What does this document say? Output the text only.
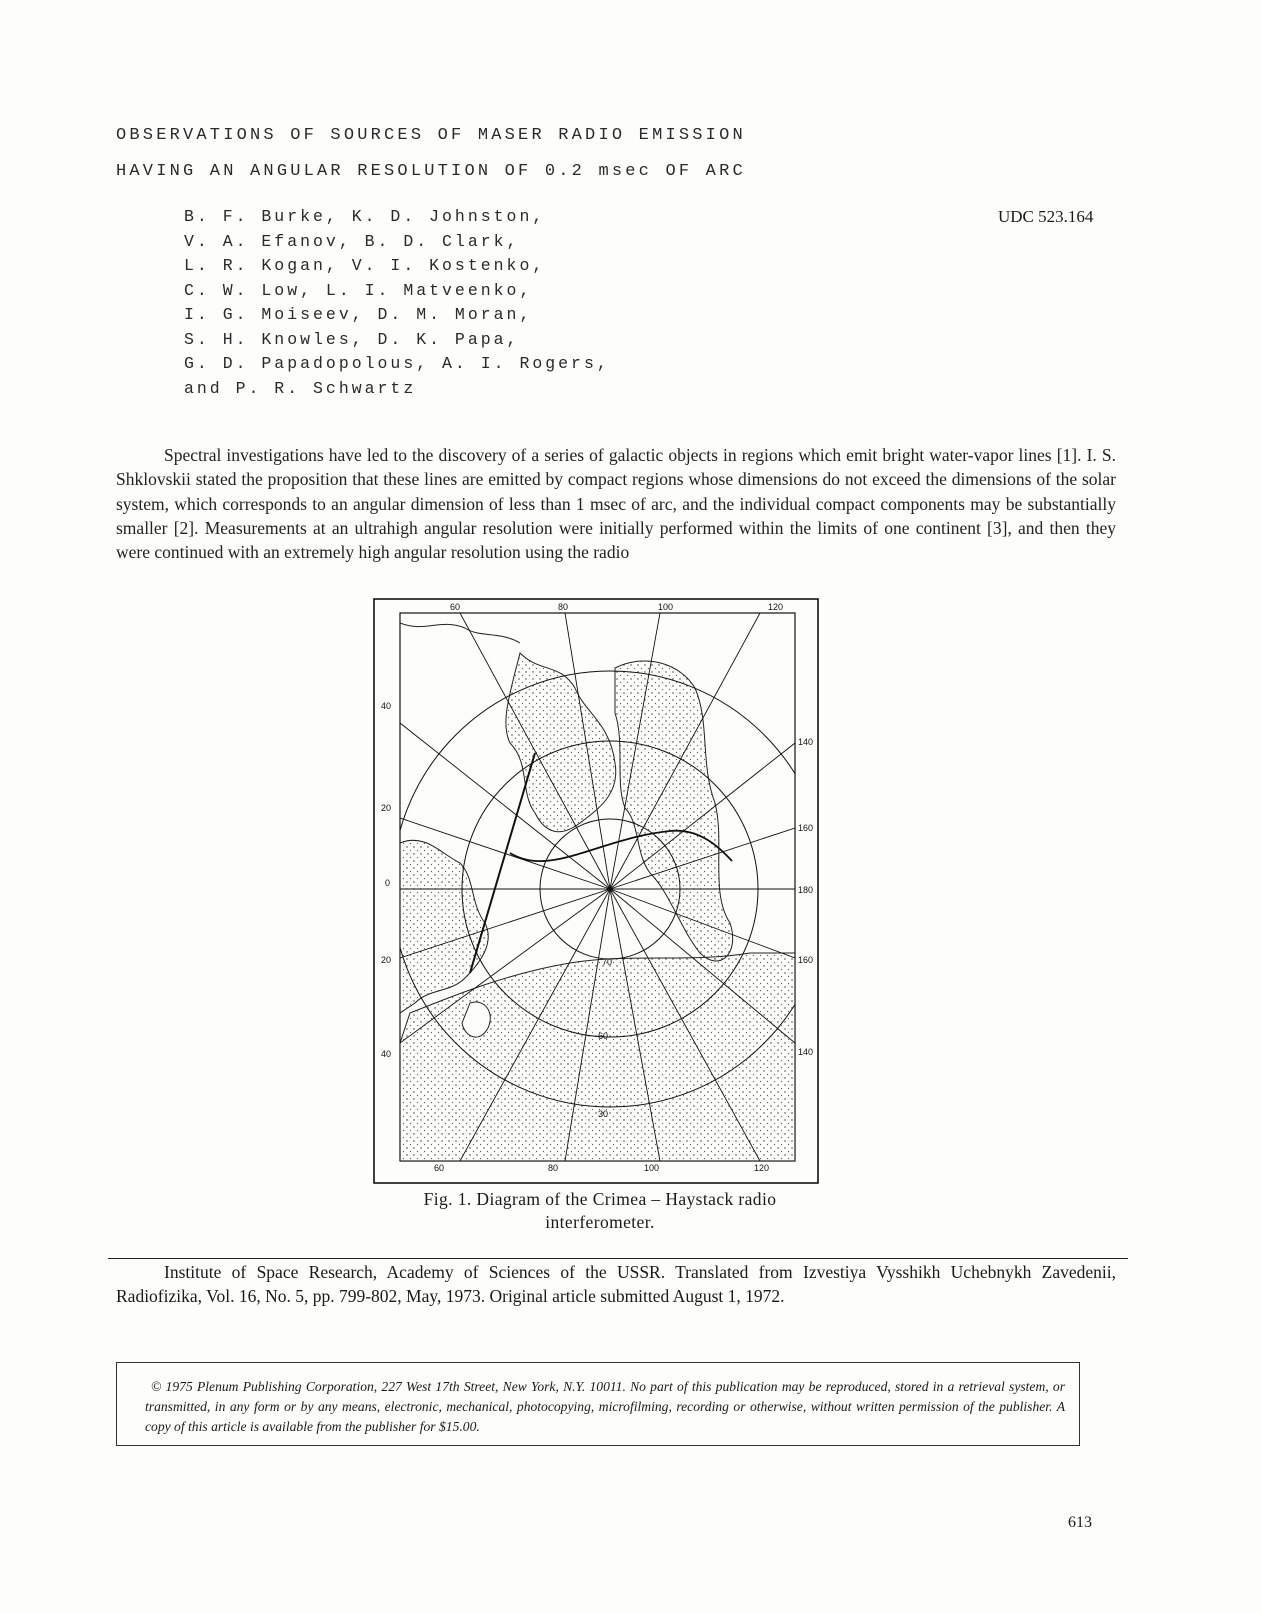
OBSERVATIONS OF SOURCES OF MASER RADIO EMISSION
HAVING AN ANGULAR RESOLUTION OF 0.2 msec OF ARC
B. F. Burke, K. D. Johnston,
V. A. Efanov, B. D. Clark,
L. R. Kogan, V. I. Kostenko,
C. W. Low, L. I. Matveenko,
I. G. Moiseev, D. M. Moran,
S. H. Knowles, D. K. Papa,
G. D. Papadopolous, A. I. Rogers,
and P. R. Schwartz
UDC 523.164

Spectral investigations have led to the discovery of a series of galactic objects in regions which emit bright water-vapor lines [1]. I. S. Shklovskii stated the proposition that these lines are emitted by compact regions whose dimensions do not exceed the dimensions of the solar system, which corresponds to an angular dimension of less than 1 msec of arc, and the individual compact components may be substantially smaller [2]. Measurements at an ultrahigh angular resolution were initially performed within the limits of one continent [3], and then they were continued with an extremely high angular resolution using the radio

60	80	100	120
60	80	100	120
40
20
0
20
40
140
160
180
160
140
70
60
30
Fig. 1. Diagram of the Crimea – Haystack radio
interferometer.

Institute of Space Research, Academy of Sciences of the USSR. Translated from Izvestiya Vysshikh Uchebnykh Zavedenii, Radiofizika, Vol. 16, No. 5, pp. 799-802, May, 1973. Original article submitted August 1, 1972.

© 1975 Plenum Publishing Corporation, 227 West 17th Street, New York, N.Y. 10011. No part of this publication may be reproduced, stored in a retrieval system, or transmitted, in any form or by any means, electronic, mechanical, photocopying, microfilming, recording or otherwise, without written permission of the publisher. A copy of this article is available from the publisher for $15.00.

613
